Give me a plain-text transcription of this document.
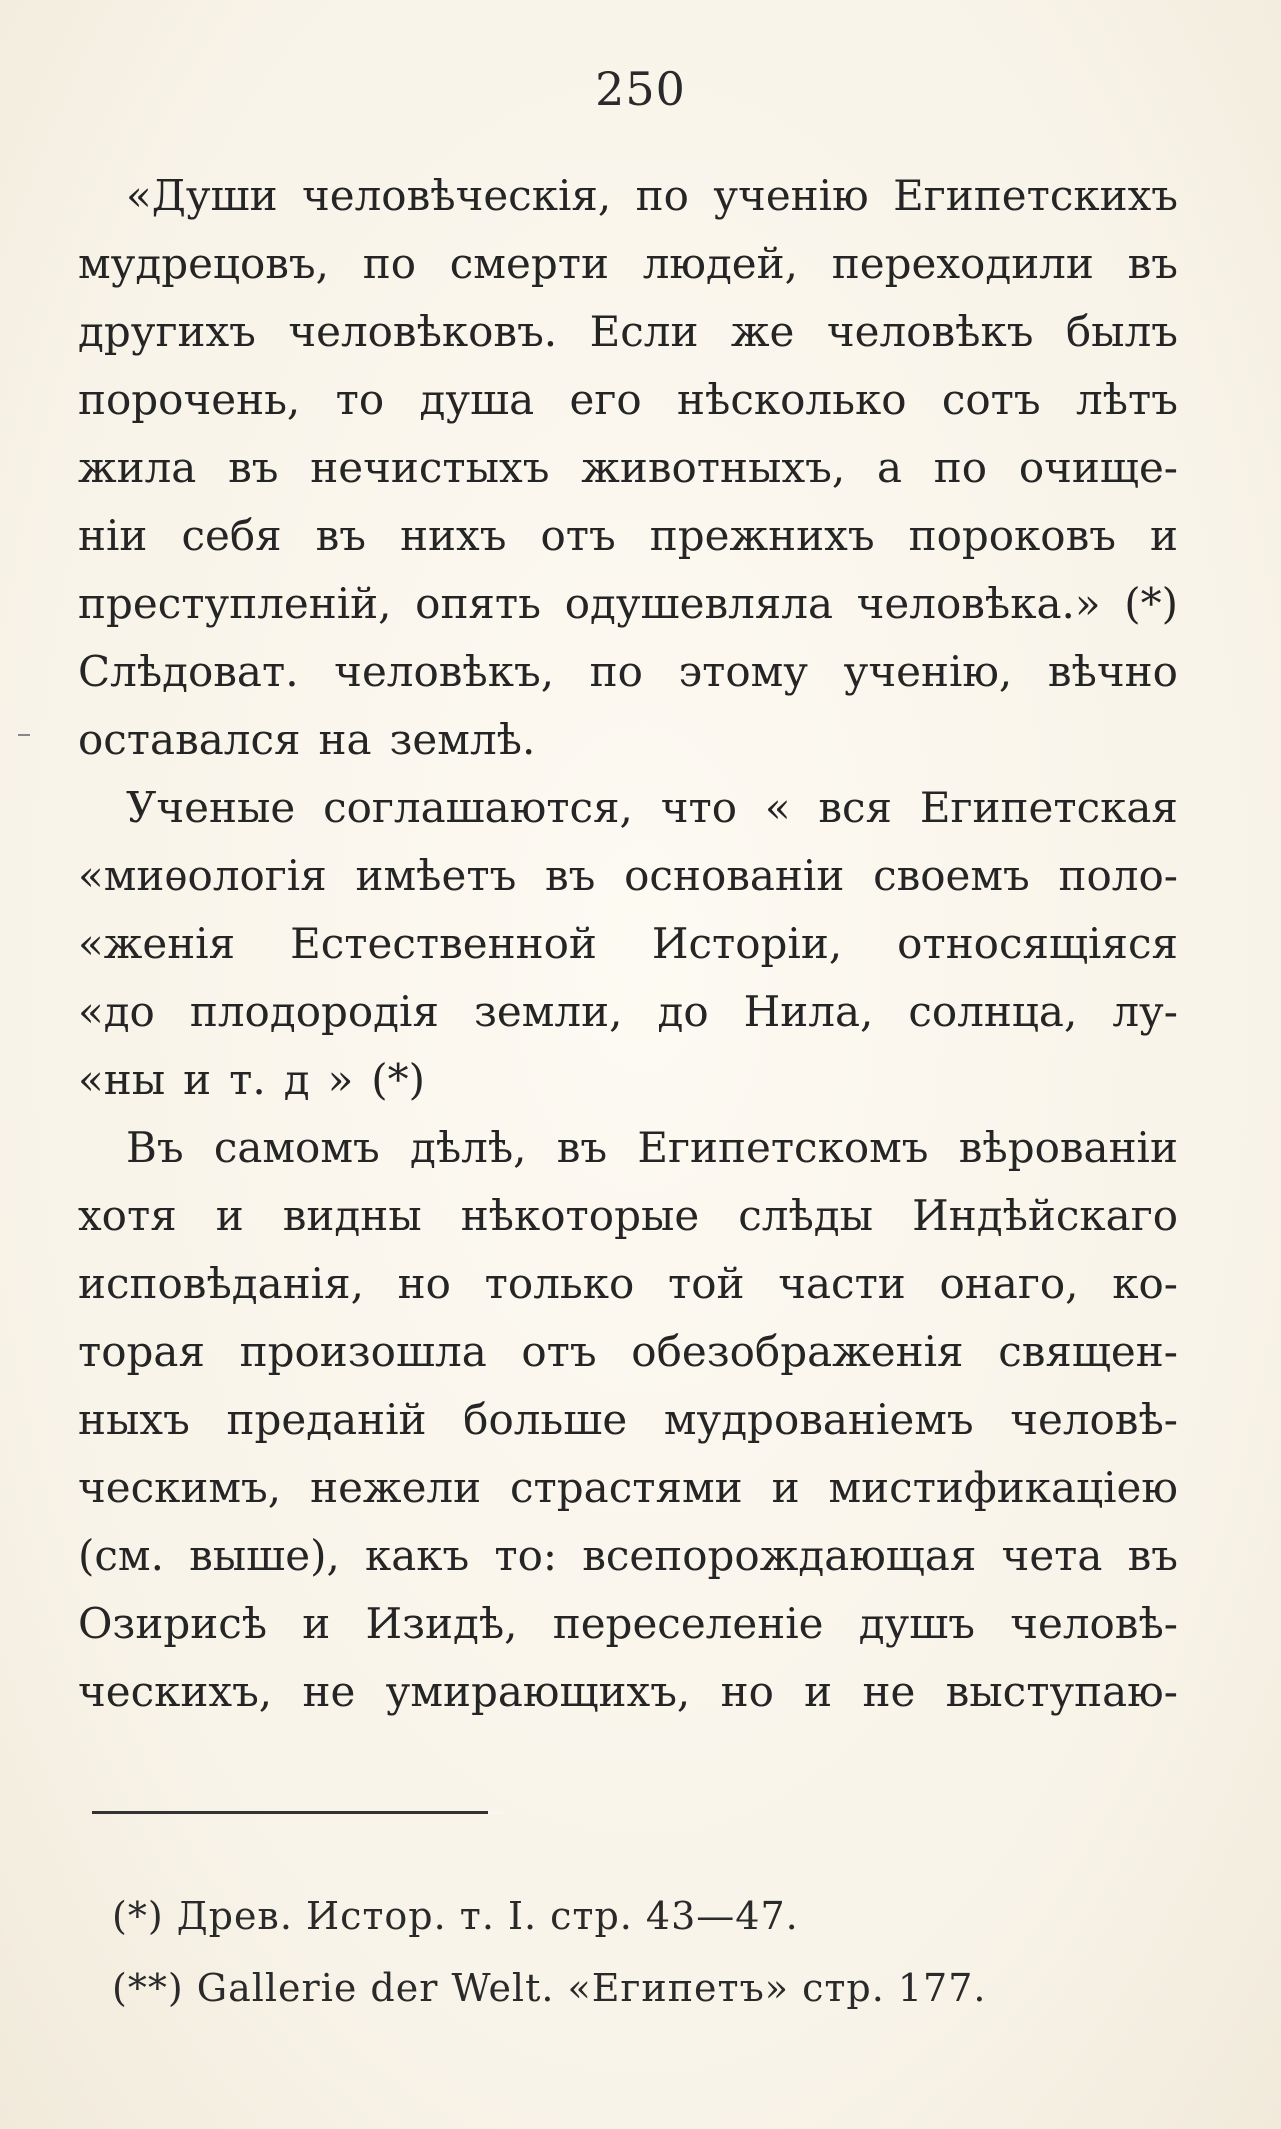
250
«Души человѣческія, по ученію Египетскихъ
мудрецовъ, по смерти людей, переходили въ
другихъ человѣковъ. Если же человѣкъ былъ
порочень, то душа его нѣсколько сотъ лѣтъ
жила въ нечистыхъ животныхъ, а по очище-
ніи себя въ нихъ отъ прежнихъ пороковъ и
преступленій, опять одушевляла человѣка.» (*)
Слѣдоват. человѣкъ, по этому ученію, вѣчно
оставался на землѣ.
Ученые соглашаются, что « вся Египетская
«миѳологія имѣетъ въ основаніи своемъ поло-
«женія Естественной Исторіи, относящіяся
«до плодородія земли, до Нила, солнца, лу-
«ны и т. д » (*)
Въ самомъ дѣлѣ, въ Египетскомъ вѣрованіи
хотя и видны нѣкоторые слѣды Индѣйскаго
исповѣданія, но только той части онаго, ко-
торая произошла отъ обезображенія священ-
ныхъ преданій больше мудрованіемъ человѣ-
ческимъ, нежели страстями и мистификаціею
(см. выше), какъ то: всепорождающая чета въ
Озирисѣ и Изидѣ, переселеніе душъ человѣ-
ческихъ, не умирающихъ, но и не выступаю-
(*) Древ. Истор. т. I. стр. 43—47.
(**) Gallerie der Welt. «Египетъ» стр. 177.
